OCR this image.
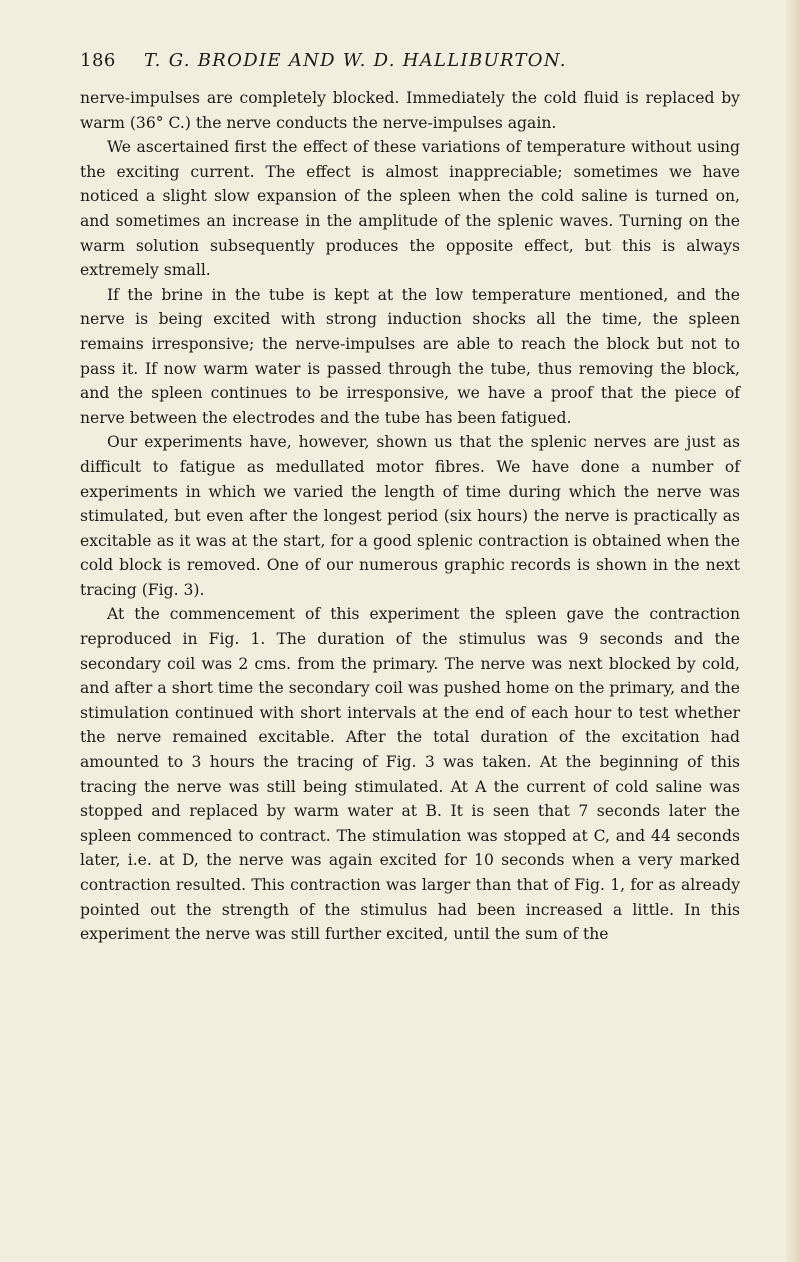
186 T. G. BRODIE AND W. D. HALLIBURTON.

nerve-impulses are completely blocked. Immediately the cold fluid is replaced by warm (36° C.) the nerve conducts the nerve-impulses again.

We ascertained first the effect of these variations of temperature without using the exciting current. The effect is almost inappreciable; sometimes we have noticed a slight slow expansion of the spleen when the cold saline is turned on, and sometimes an increase in the amplitude of the splenic waves. Turning on the warm solution subsequently produces the opposite effect, but this is always extremely small.

If the brine in the tube is kept at the low temperature mentioned, and the nerve is being excited with strong induction shocks all the time, the spleen remains irresponsive; the nerve-impulses are able to reach the block but not to pass it. If now warm water is passed through the tube, thus removing the block, and the spleen continues to be irresponsive, we have a proof that the piece of nerve between the electrodes and the tube has been fatigued.

Our experiments have, however, shown us that the splenic nerves are just as difficult to fatigue as medullated motor fibres. We have done a number of experiments in which we varied the length of time during which the nerve was stimulated, but even after the longest period (six hours) the nerve is practically as excitable as it was at the start, for a good splenic contraction is obtained when the cold block is removed. One of our numerous graphic records is shown in the next tracing (Fig. 3).

At the commencement of this experiment the spleen gave the contraction reproduced in Fig. 1. The duration of the stimulus was 9 seconds and the secondary coil was 2 cms. from the primary. The nerve was next blocked by cold, and after a short time the secondary coil was pushed home on the primary, and the stimulation continued with short intervals at the end of each hour to test whether the nerve remained excitable. After the total duration of the excitation had amounted to 3 hours the tracing of Fig. 3 was taken. At the beginning of this tracing the nerve was still being stimulated. At A the current of cold saline was stopped and replaced by warm water at B. It is seen that 7 seconds later the spleen commenced to contract. The stimulation was stopped at C, and 44 seconds later, i.e. at D, the nerve was again excited for 10 seconds when a very marked contraction resulted. This contraction was larger than that of Fig. 1, for as already pointed out the strength of the stimulus had been increased a little. In this experiment the nerve was still further excited, until the sum of the
